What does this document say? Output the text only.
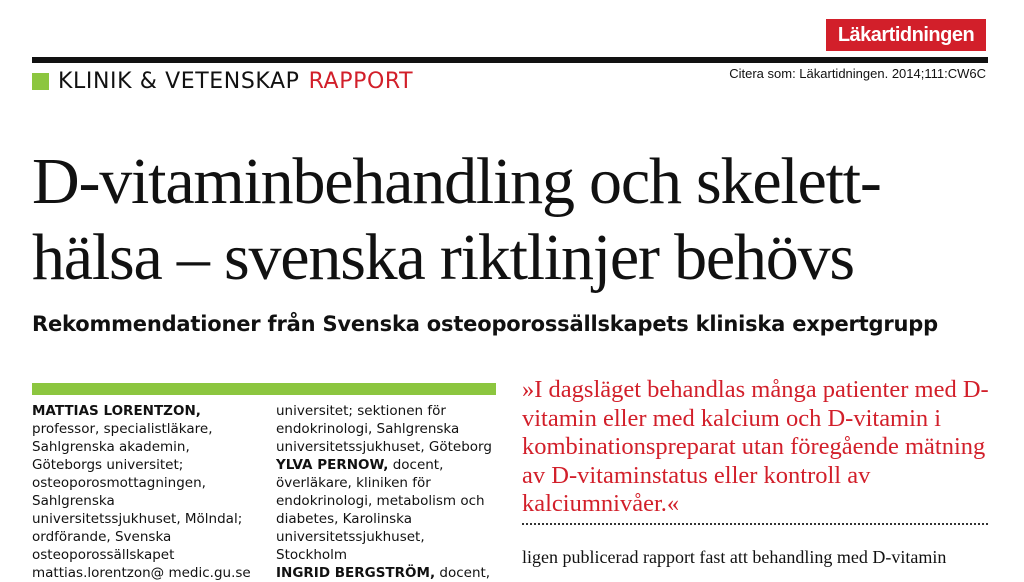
Läkartidningen
KLINIK & VETENSKAP RAPPORT	Citera som: Läkartidningen. 2014;111:CW6C
D-vitaminbehandling och skelett-
hälsa – svenska riktlinjer behövs
Rekommendationer från Svenska osteoporossällskapets kliniska expertgrupp

MATTIAS LORENTZON, professor, specialistläkare, Sahlgrenska akademin, Göteborgs universitet; osteoporosmottagningen, Sahlgrenska universitetssjukhuset, Mölndal; ordförande, Svenska osteoporossällskapet mattias.lorentzon@ medic.gu.se

universitet; sektionen för endokrinologi, Sahlgrenska universitetssjukhuset, Göteborg

YLVA PERNOW, docent, överläkare, kliniken för endokrinologi, metabolism och diabetes, Karolinska universitetssjukhuset, Stockholm

INGRID BERGSTRÖM, docent,

»I dagsläget behandlas många patienter med D-vitamin eller med kalcium och D-vitamin i kombinationspreparat utan föregående mätning av D-vitaminstatus eller kontroll av kalciumnivåer.«

ligen publicerad rapport fast att behandling med D-vitamin
